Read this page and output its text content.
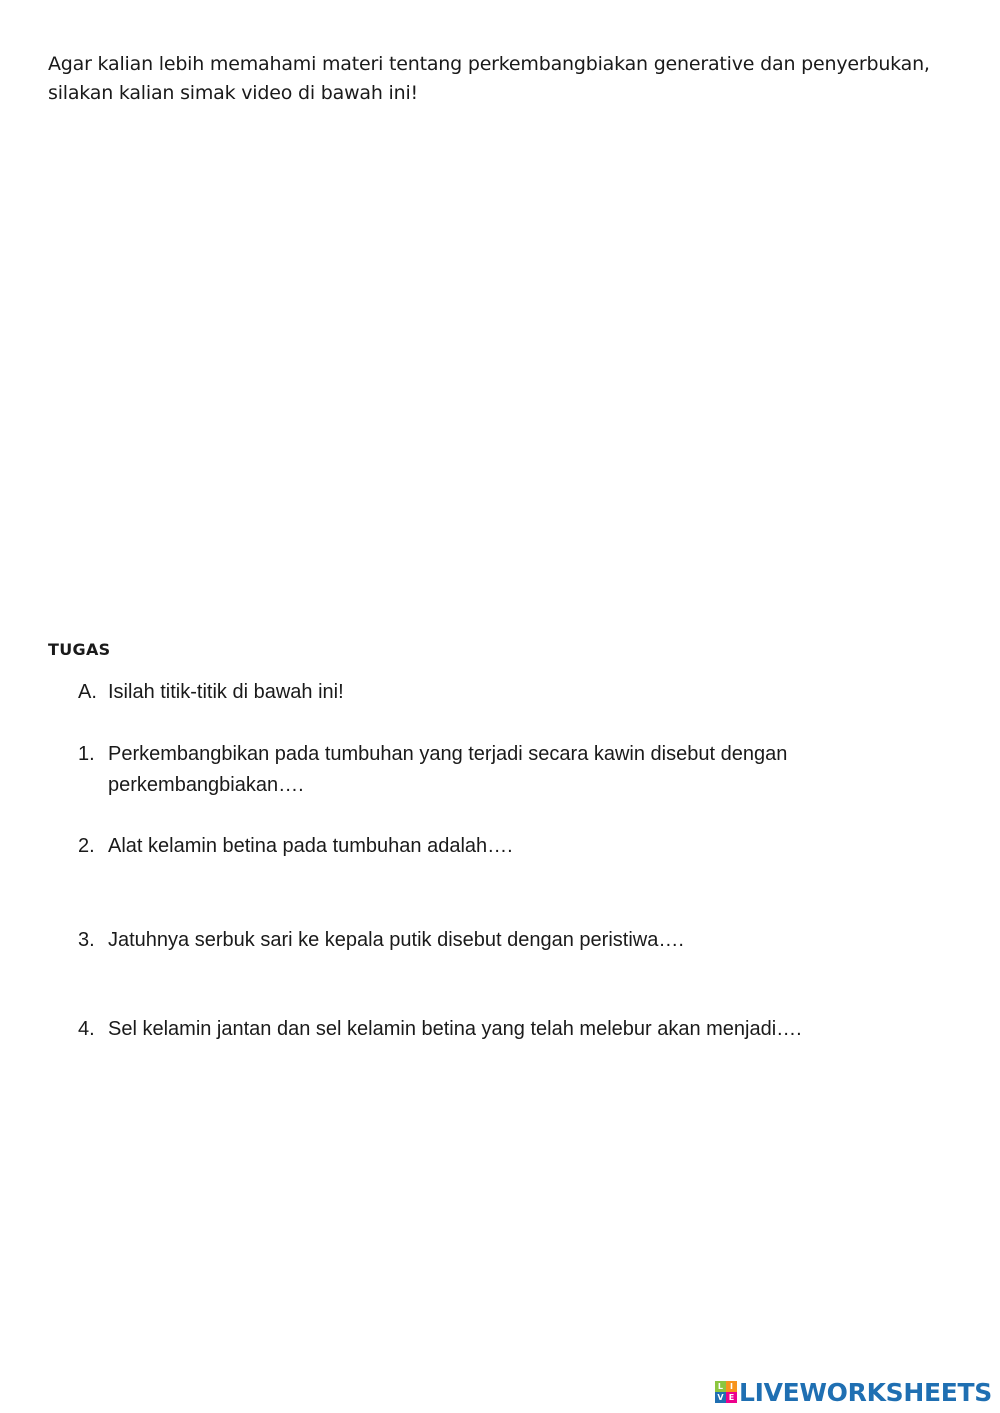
Agar kalian lebih memahami materi tentang perkembangbiakan generative dan penyerbukan,
silakan kalian simak video di bawah ini!
TUGAS
A. Isilah titik-titik di bawah ini!
1. Perkembangbikan pada tumbuhan yang terjadi secara kawin disebut dengan
perkembangbiakan….
2. Alat kelamin betina pada tumbuhan adalah….
3. Jatuhnya serbuk sari ke kepala putik disebut dengan peristiwa….
4. Sel kelamin jantan dan sel kelamin betina yang telah melebur akan menjadi….
L I
V E LIVEWORKSHEETS
